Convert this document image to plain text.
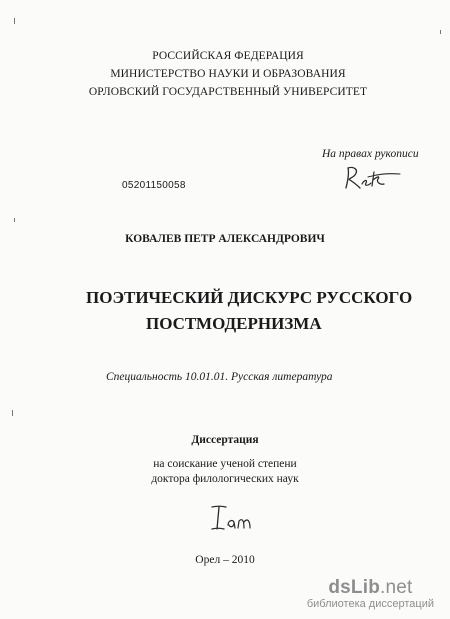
РОССИЙСКАЯ ФЕДЕРАЦИЯ
МИНИСТЕРСТВО НАУКИ И ОБРАЗОВАНИЯ
ОРЛОВСКИЙ ГОСУДАРСТВЕННЫЙ УНИВЕРСИТЕТ
На правах рукописи
05201150058
КОВАЛЕВ ПЕТР АЛЕКСАНДРОВИЧ
ПОЭТИЧЕСКИЙ ДИСКУРС РУССКОГО
ПОСТМОДЕРНИЗМА
Специальность 10.01.01. Русская литература
Диссертация
на соискание ученой степени
доктора филологических наук
Орел – 2010
dsLib.net
библиотека диссертаций
